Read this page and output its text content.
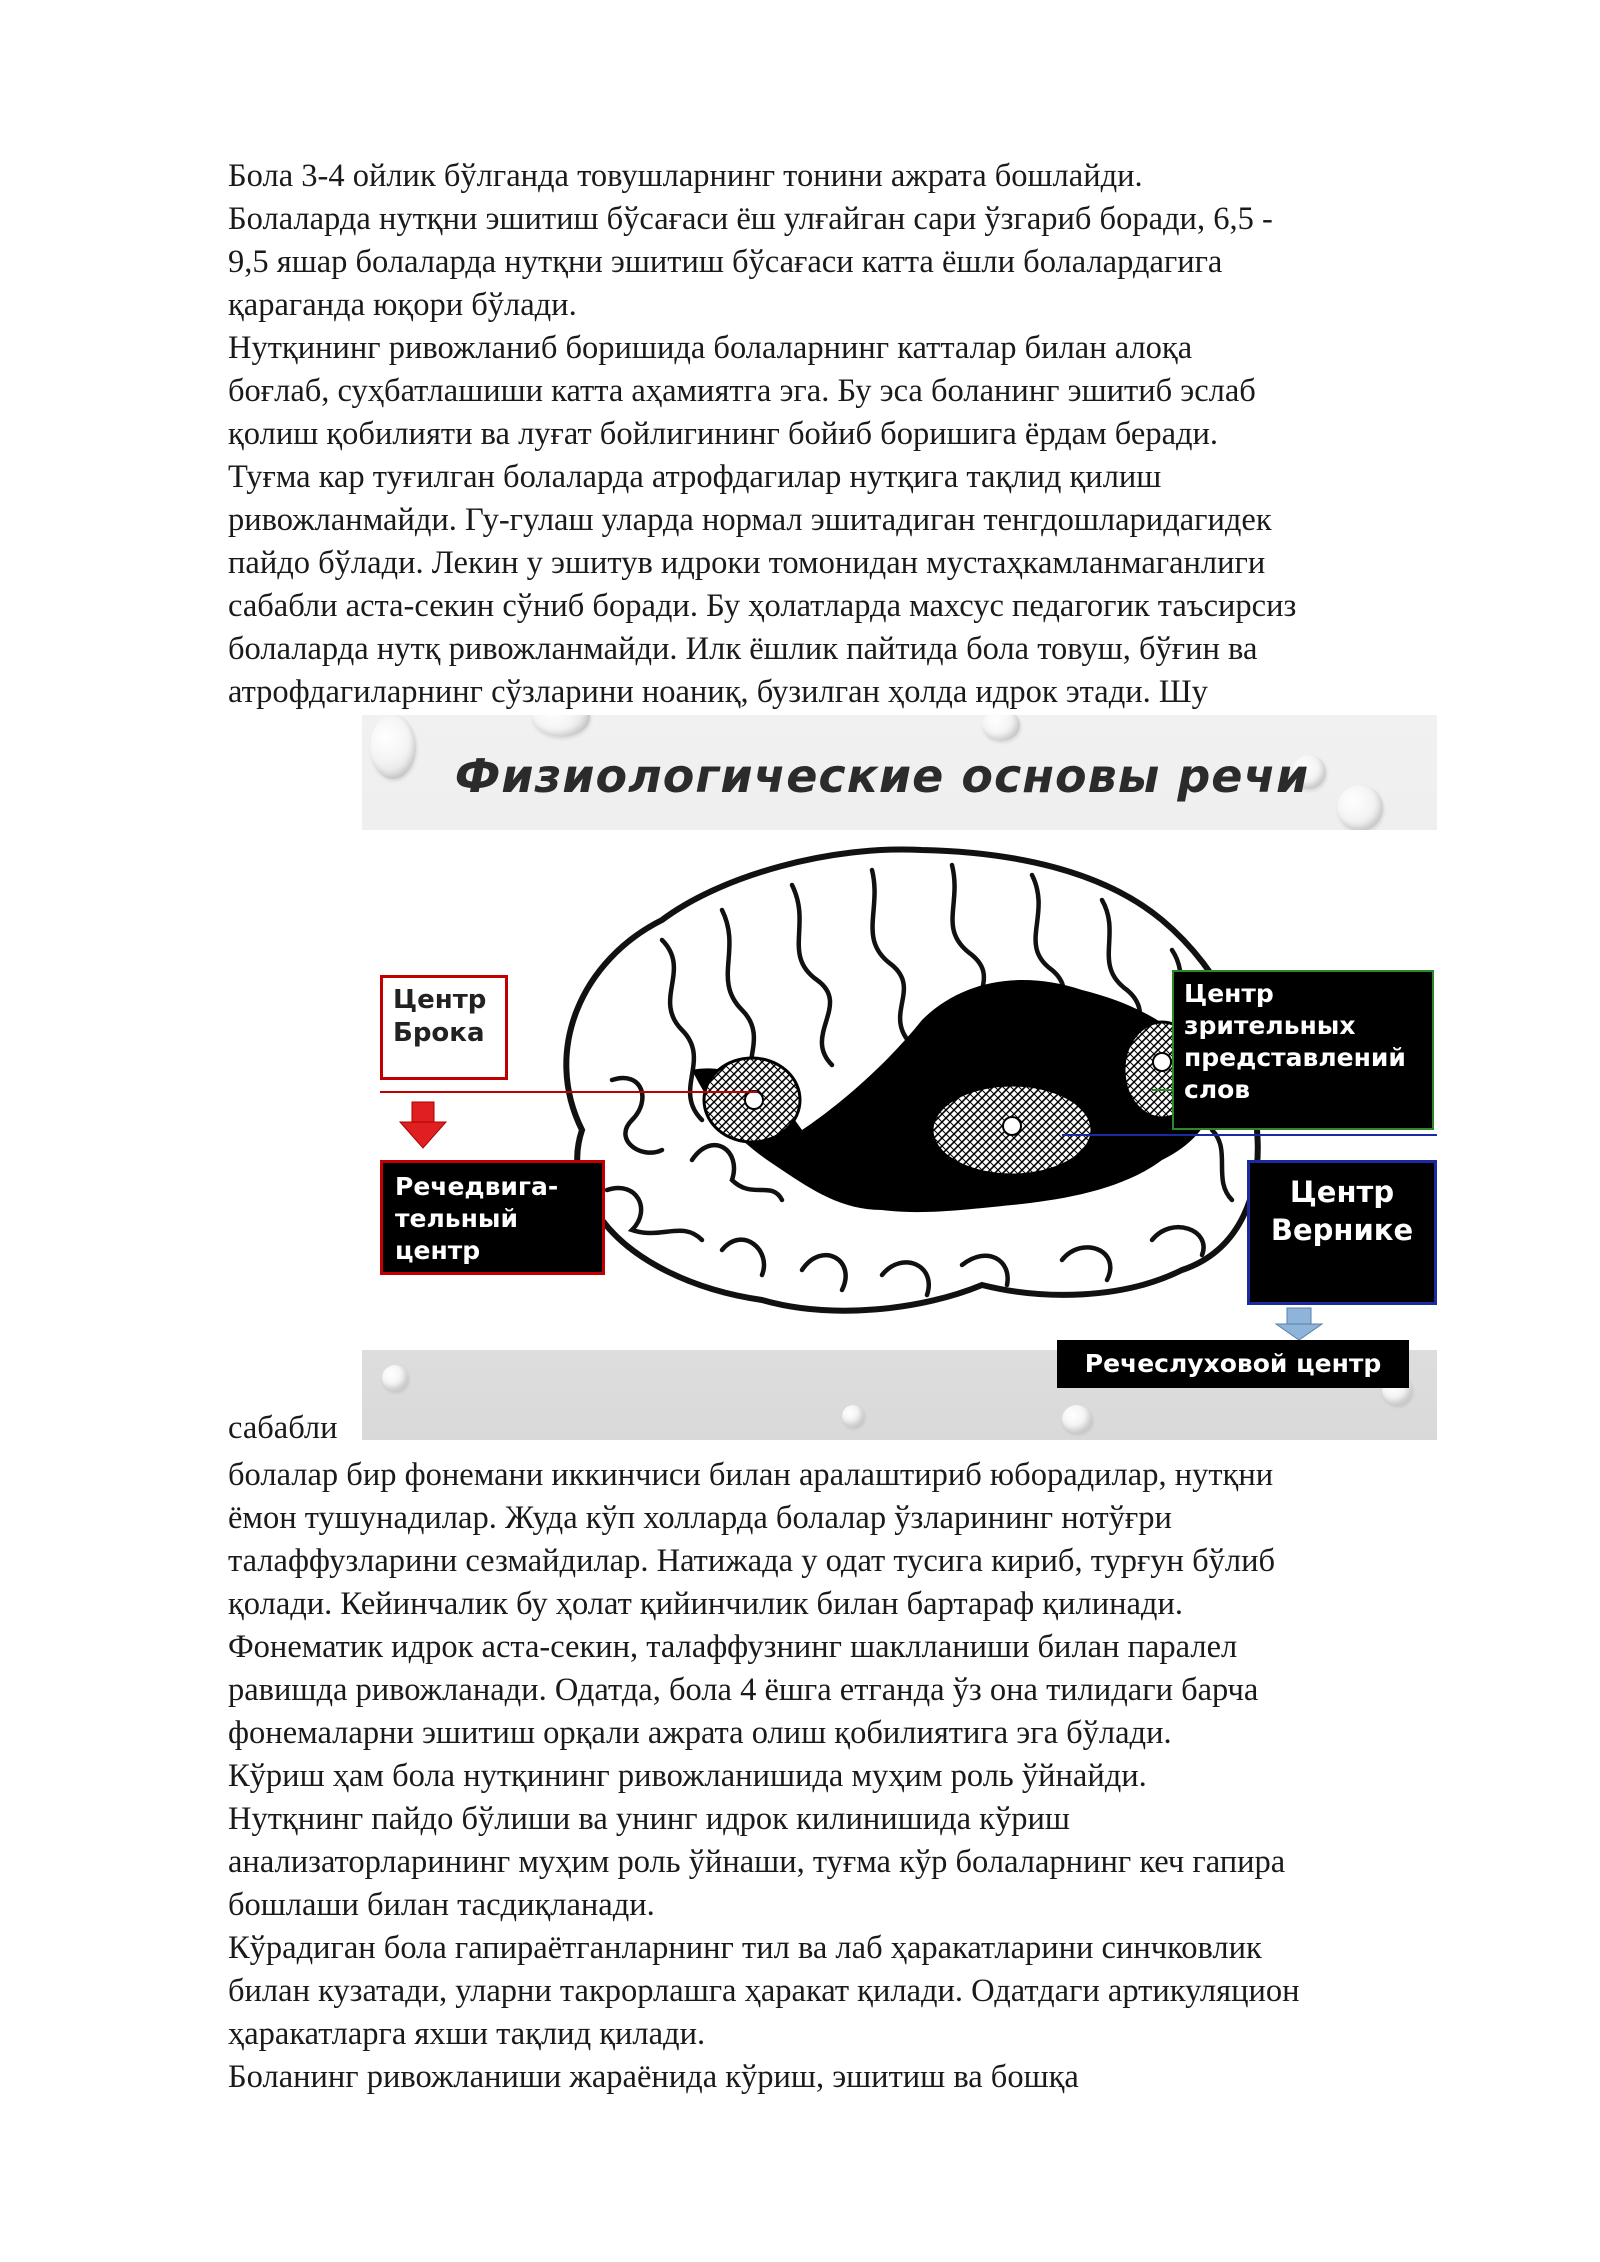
Бола 3-4 ойлик бўлганда товушларнинг тонини ажрата бошлайди.
Болаларда нутқни эшитиш бўсағаси ёш улғайган сари ўзгариб боради, 6,5 -
9,5 яшар болаларда нутқни эшитиш бўсағаси катта ёшли болалардагига
қараганда юқори бўлади.
Нутқининг ривожланиб боришида болаларнинг катталар билан алоқа
боғлаб, суҳбатлашиши катта аҳамиятга эга. Бу эса боланинг эшитиб эслаб
қолиш қобилияти ва луғат бойлигининг бойиб боришига ёрдам беради.
Туғма кар туғилган болаларда атрофдагилар нутқига тақлид қилиш
ривожланмайди. Гу-гулаш уларда нормал эшитадиган тенгдошларидагидек
пайдо бўлади. Лекин у эшитув идроки томонидан мустаҳкамланмаганлиги
сабабли аста-секин сўниб боради. Бу ҳолатларда махсус педагогик таъсирсиз
болаларда нутқ ривожланмайди. Илк ёшлик пайтида бола товуш, бўғин ва
атрофдагиларнинг сўзларини ноаниқ, бузилган ҳолда идрок этади. Шу
Физиологические основы речи
Центр
Брока
Речедвига-
тельный
центр
Центр
зрительных
представлений
слов
Центр
Вернике
Речеслуховой центр
сабабли
болалар бир фонемани иккинчиси билан аралаштириб юборадилар, нутқни
ёмон тушунадилар. Жуда кўп холларда болалар ўзларининг нотўғри
талаффузларини сезмайдилар. Натижада у одат тусига кириб, турғун бўлиб
қолади. Кейинчалик бу ҳолат қийинчилик билан бартараф қилинади.
Фонематик идрок аста-секин, талаффузнинг шаклланиши билан паралел
равишда ривожланади. Одатда, бола 4 ёшга етганда ўз она тилидаги барча
фонемаларни эшитиш орқали ажрата олиш қобилиятига эга бўлади.
Кўриш ҳам бола нутқининг ривожланишида муҳим роль ўйнайди.
Нутқнинг пайдо бўлиши ва унинг идрок килинишида кўриш
анализаторларининг муҳим роль ўйнаши, туғма кўр болаларнинг кеч гапира
бошлаши билан тасдиқланади.
Кўрадиган бола гапираётганларнинг тил ва лаб ҳаракатларини синчковлик
билан кузатади, уларни такрорлашга ҳаракат қилади. Одатдаги артикуляцион
ҳаракатларга яхши тақлид қилади.
Боланинг ривожланиши жараёнида кўриш, эшитиш ва бошқа
